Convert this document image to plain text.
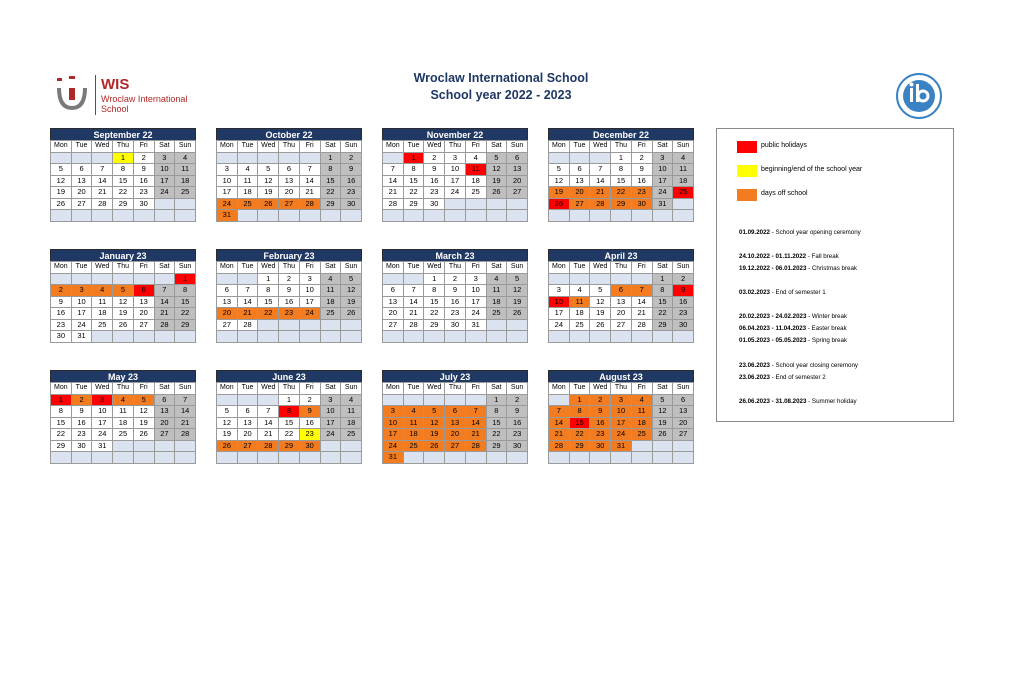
WIS
Wroclaw International
School
Wroclaw International School
School year 2022 - 2023
September 22						
Mon	Tue	Wed	Thu	Fri	Sat	Sun
			1	2	3	4
5	6	7	8	9	10	11
12	13	14	15	16	17	18
19	20	21	22	23	24	25
26	27	28	29	30		

October 22						
Mon	Tue	Wed	Thu	Fri	Sat	Sun
					1	2
3	4	5	6	7	8	9
10	11	12	13	14	15	16
17	18	19	20	21	22	23
24	25	26	27	28	29	30
31						
November 22						
Mon	Tue	Wed	Thu	Fri	Sat	Sun
	1	2	3	4	5	6
7	8	9	10	11	12	13
14	15	16	17	18	19	20
21	22	23	24	25	26	27
28	29	30				

December 22						
Mon	Tue	Wed	Thu	Fri	Sat	Sun
			1	2	3	4
5	6	7	8	9	10	11
12	13	14	15	16	17	18
19	20	21	22	23	24	25
26	27	28	29	30	31	

January 23						
Mon	Tue	Wed	Thu	Fri	Sat	Sun
						1
2	3	4	5	6	7	8
9	10	11	12	13	14	15
16	17	18	19	20	21	22
23	24	25	26	27	28	29
30	31					
February 23						
Mon	Tue	Wed	Thu	Fri	Sat	Sun
		1	2	3	4	5
6	7	8	9	10	11	12
13	14	15	16	17	18	19
20	21	22	23	24	25	26
27	28					

March 23						
Mon	Tue	Wed	Thu	Fri	Sat	Sun
		1	2	3	4	5
6	7	8	9	10	11	12
13	14	15	16	17	18	19
20	21	22	23	24	25	26
27	28	29	30	31		

April 23						
Mon	Tue	Wed	Thu	Fri	Sat	Sun
					1	2
3	4	5	6	7	8	9
10	11	12	13	14	15	16
17	18	19	20	21	22	23
24	25	26	27	28	29	30

May 23						
Mon	Tue	Wed	Thu	Fri	Sat	Sun
1	2	3	4	5	6	7
8	9	10	11	12	13	14
15	16	17	18	19	20	21
22	23	24	25	26	27	28
29	30	31				

June 23						
Mon	Tue	Wed	Thu	Fri	Sat	Sun
			1	2	3	4
5	6	7	8	9	10	11
12	13	14	15	16	17	18
19	20	21	22	23	24	25
26	27	28	29	30		

July 23						
Mon	Tue	Wed	Thu	Fri	Sat	Sun
					1	2
3	4	5	6	7	8	9
10	11	12	13	14	15	16
17	18	19	20	21	22	23
24	25	26	27	28	29	30
31						
August 23						
Mon	Tue	Wed	Thu	Fri	Sat	Sun
	1	2	3	4	5	6
7	8	9	10	11	12	13
14	15	16	17	18	19	20
21	22	23	24	25	26	27
28	29	30	31			

public holidays
beginning/end of the school year
days off school
01.09.2022 - School year opening ceremony
24.10.2022 - 01.11.2022 - Fall break
19.12.2022 - 06.01.2023 - Christmas break
03.02.2023 - End of semester 1
20.02.2023 - 24.02.2023 - Winter break
06.04.2023 - 11.04.2023 - Easter break
01.05.2023 - 05.05.2023 - Spring break
23.06.2023 - School year closing ceremony
23.06.2023 - End of semester 2
26.06.2023 - 31.08.2023 - Summer holiday
